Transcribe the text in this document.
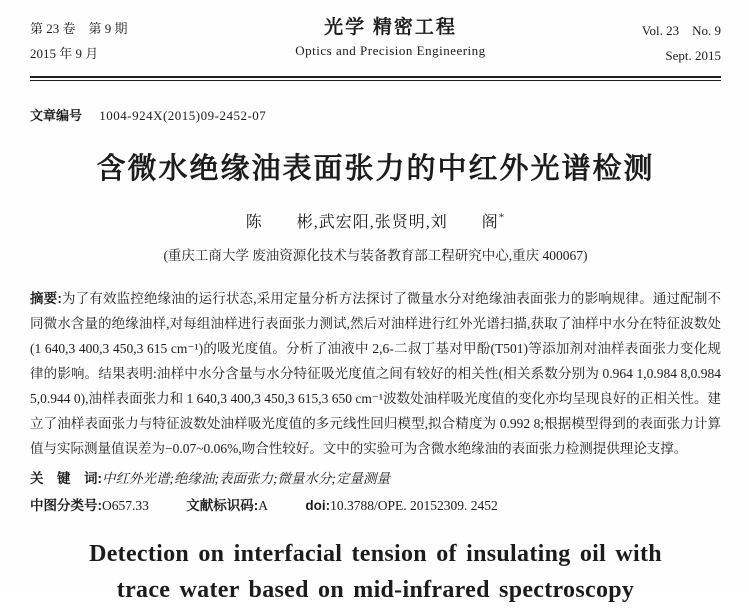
第 23 卷　第 9 期
2015 年 9 月
光学 精密工程
Optics and Precision Engineering
Vol. 23　No. 9
Sept. 2015
文章编号 1004-924X(2015)09-2452-07
含微水绝缘油表面张力的中红外光谱检测
陈　　彬,武宏阳,张贤明,刘　　阁*
(重庆工商大学 废油资源化技术与装备教育部工程研究中心,重庆 400067)

摘要:为了有效监控绝缘油的运行状态,采用定量分析方法探讨了微量水分对绝缘油表面张力的影响规律。通过配制不同微水含量的绝缘油样,对每组油样进行表面张力测试,然后对油样进行红外光谱扫描,获取了油样中水分在特征波数处(1 640,3 400,3 450,3 615 cm⁻¹)的吸光度值。分析了油液中 2,6-二叔丁基对甲酚(T501)等添加剂对油样表面张力变化规律的影响。结果表明:油样中水分含量与水分特征吸光度值之间有较好的相关性(相关系数分别为 0.964 1,0.984 8,0.984 5,0.944 0),油样表面张力和 1 640,3 400,3 450,3 615,3 650 cm⁻¹波数处油样吸光度值的变化亦均呈现良好的正相关性。建立了油样表面张力与特征波数处油样吸光度值的多元线性回归模型,拟合精度为 0.992 8;根据模型得到的表面张力计算值与实际测量值误差为−0.07~0.06%,吻合性较好。文中的实验可为含微水绝缘油的表面张力检测提供理论支撑。

关　键　词:中红外光谱;绝缘油;表面张力;微量水分;定量测量
中图分类号:O657.33	文献标识码:A	doi:10.3788/OPE. 20152309. 2452
Detection on interfacial tension of insulating oil with
trace water based on mid-infrared spectroscopy
